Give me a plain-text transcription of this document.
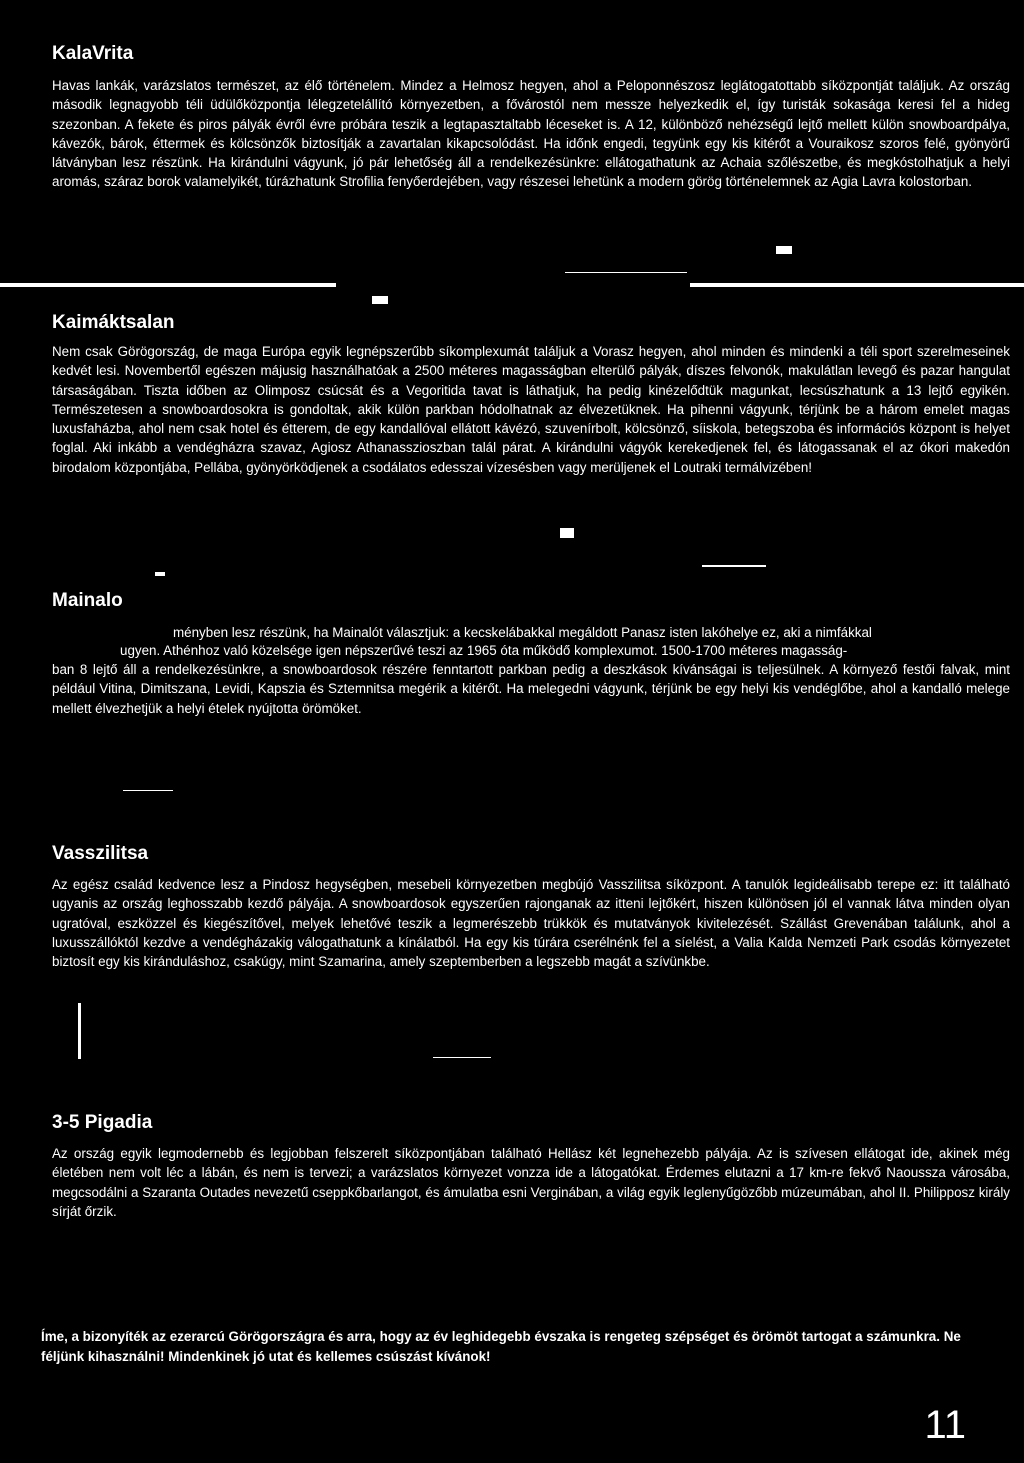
KalaVrita

Havas lankák, varázslatos természet, az élő történelem. Mindez a Helmosz hegyen, ahol a Peloponnészosz leglátogatottabb síközpontját találjuk. Az ország második legnagyobb téli üdülőközpontja lélegzetelállító környezetben, a fővárostól nem messze helyezkedik el, így turisták sokasága keresi fel a hideg szezonban. A fekete és piros pályák évről évre próbára teszik a legtapasztaltabb léceseket is. A 12, különböző nehézségű lejtő mellett külön snowboardpálya, kávezók, bárok, éttermek és kölcsönzők biztosítják a zavartalan kikapcsolódást. Ha időnk engedi, tegyünk egy kis kitérőt a Vouraikosz szoros felé, gyönyörű látványban lesz részünk. Ha kirándulni vágyunk, jó pár lehetőség áll a rendelkezésünkre: ellátogathatunk az Achaia szőlészetbe, és megkóstolhatjuk a helyi aromás, száraz borok valamelyikét, túrázhatunk Strofilia fenyőerdejében, vagy részesei lehetünk a modern görög történelemnek az Agia Lavra kolostorban.

Kaimáktsalan

Nem csak Görögország, de maga Európa egyik legnépszerűbb síkomplexumát találjuk a Vorasz hegyen, ahol minden és mindenki a téli sport szerelmeseinek kedvét lesi. Novembertől egészen májusig használhatóak a 2500 méteres magasságban elterülő pályák, díszes felvonók, makulátlan levegő és pazar hangulat társaságában. Tiszta időben az Olimposz csúcsát és a Vegoritida tavat is láthatjuk, ha pedig kinézelődtük magunkat, lecsúszhatunk a 13 lejtő egyikén. Természetesen a snowboardosokra is gondoltak, akik külön parkban hódolhatnak az élvezetüknek. Ha pihenni vágyunk, térjünk be a három emelet magas luxusfaházba, ahol nem csak hotel és étterem, de egy kandallóval ellátott kávézó, szuvenírbolt, kölcsönző, síiskola, betegszoba és információs központ is helyet foglal. Aki inkább a vendégházra szavaz, Agiosz Athanasszioszban talál párat. A kirándulni vágyók kerekedjenek fel, és látogassanak el az ókori makedón birodalom központjába, Pellába, gyönyörködjenek a csodálatos edesszai vízesésben vagy merüljenek el Loutraki termálvizében!

Mainalo

ményben lesz részünk, ha Mainalót választjuk: a kecskelábakkal megáldott Panasz isten lakóhelye ez, aki a nimfákkal

ugyen. Athénhoz való közelsége igen népszerűvé teszi az 1965 óta működő komplexumot. 1500-1700 méteres magasság-

ban 8 lejtő áll a rendelkezésünkre, a snowboardosok részére fenntartott parkban pedig a deszkások kívánságai is teljesülnek. A környező festői falvak, mint például Vitina, Dimitszana, Levidi, Kapszia és Sztemnitsa megérik a kitérőt. Ha melegedni vágyunk, térjünk be egy helyi kis vendéglőbe, ahol a kandalló melege mellett élvezhetjük a helyi ételek nyújtotta örömöket.

Vasszilitsa

Az egész család kedvence lesz a Pindosz hegységben, mesebeli környezetben megbújó Vasszilitsa síközpont. A tanulók legideálisabb terepe ez: itt található ugyanis az ország leghosszabb kezdő pályája. A snowboardosok egyszerűen rajonganak az itteni lejtőkért, hiszen különösen jól el vannak látva minden olyan ugratóval, eszközzel és kiegészítővel, melyek lehetővé teszik a legmerészebb trükkök és mutatványok kivitelezését. Szállást Grevenában találunk, ahol a luxusszállóktól kezdve a vendégházakig válogathatunk a kínálatból. Ha egy kis túrára cserélnénk fel a síelést, a Valia Kalda Nemzeti Park csodás környezetet biztosít egy kis kiránduláshoz, csakúgy, mint Szamarina, amely szeptemberben a legszebb magát a szívünkbe.

3-5 Pigadia

Az ország egyik legmodernebb és legjobban felszerelt síközpontjában található Hellász két legnehezebb pályája. Az is szívesen ellátogat ide, akinek még életében nem volt léc a lábán, és nem is tervezi; a varázslatos környezet vonzza ide a látogatókat. Érdemes elutazni a 17 km-re fekvő Naoussza városába, megcsodálni a Szaranta Outades nevezetű cseppkőbarlangot, és ámulatba esni Verginában, a világ egyik leglenyűgözőbb múzeumában, ahol II. Philipposz király sírját őrzik.

Íme, a bizonyíték az ezerarcú Görögországra és arra, hogy az év leghidegebb évszaka is rengeteg szépséget és örömöt tartogat a számunkra. Ne féljünk kihasználni! Mindenkinek jó utat és kellemes csúszást kívánok!

11
